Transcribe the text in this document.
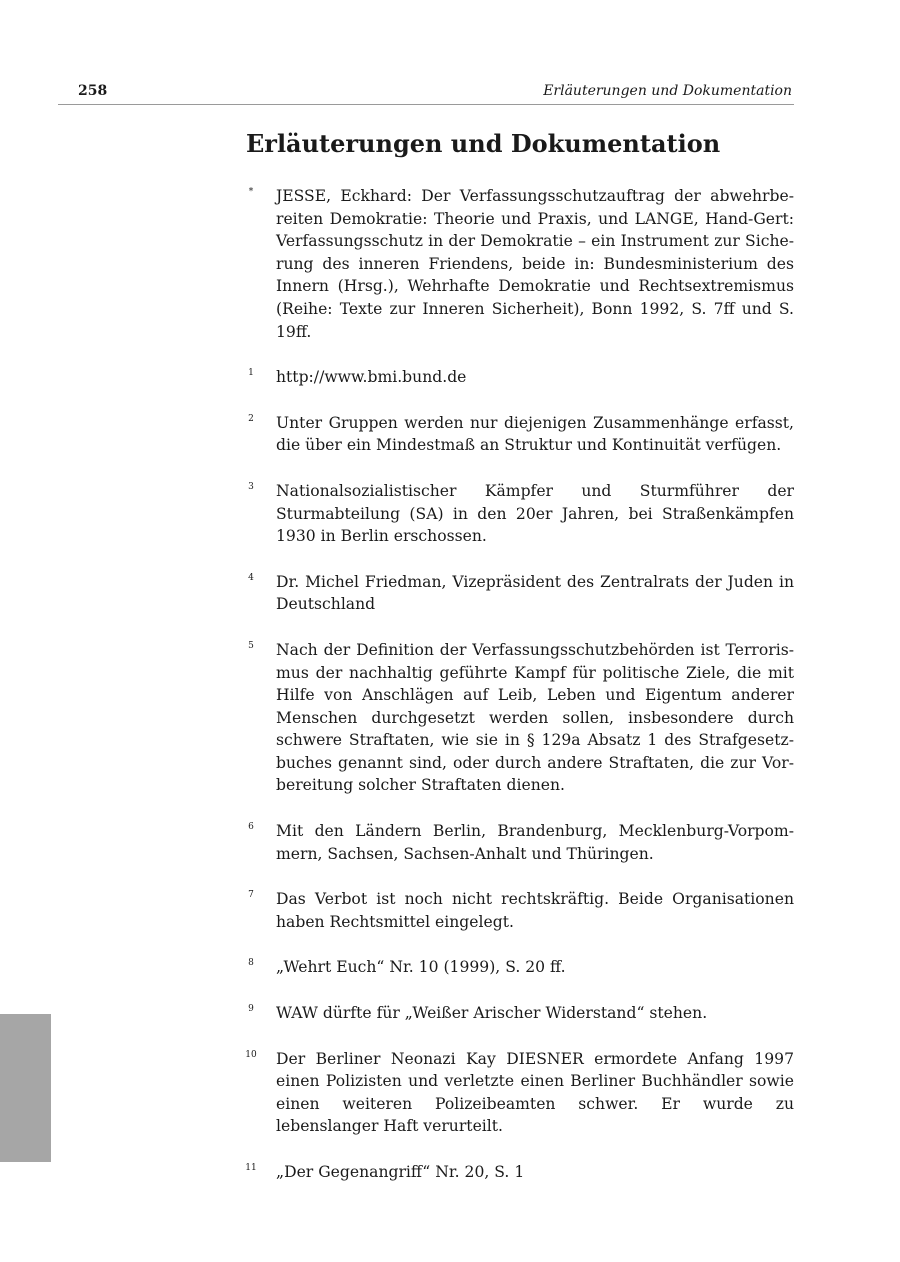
258	Erläuterungen und Dokumentation
Erläuterungen und Dokumentation
*	JESSE, Eckhard: Der Verfassungsschutzauftrag der abwehrbereiten Demokratie: Theorie und Praxis, und LANGE, Hand-Gert: Verfassungsschutz in der Demokratie – ein Instrument zur Sicherung des inneren Friendens, beide in: Bundesministerium des Innern (Hrsg.), Wehrhafte Demokratie und Rechtsextremismus (Reihe: Texte zur Inneren Sicherheit), Bonn 1992, S. 7ff und S. 19ff.
1 http://www.bmi.bund.de
2 Unter Gruppen werden nur diejenigen Zusammenhänge erfasst, die über ein Mindestmaß an Struktur und Kontinuität verfügen.
3 Nationalsozialistischer Kämpfer und Sturmführer der Sturmabteilung (SA) in den 20er Jahren, bei Straßenkämpfen 1930 in Berlin erschossen.
4 Dr. Michel Friedman, Vizepräsident des Zentralrats der Juden in Deutschland
5 Nach der Definition der Verfassungsschutzbehörden ist Terrorismus der nachhaltig geführte Kampf für politische Ziele, die mit Hilfe von Anschlägen auf Leib, Leben und Eigentum anderer Menschen durchgesetzt werden sollen, insbesondere durch schwere Straftaten, wie sie in § 129a Absatz 1 des Strafgesetzbuches genannt sind, oder durch andere Straftaten, die zur Vorbereitung solcher Straftaten dienen.
6 Mit den Ländern Berlin, Brandenburg, Mecklenburg-Vorpommern, Sachsen, Sachsen-Anhalt und Thüringen.
7 Das Verbot ist noch nicht rechtskräftig. Beide Organisationen haben Rechtsmittel eingelegt.
8 „Wehrt Euch“ Nr. 10 (1999), S. 20 ff.
9 WAW dürfte für „Weißer Arischer Widerstand“ stehen.
10 Der Berliner Neonazi Kay DIESNER ermordete Anfang 1997 einen Polizisten und verletzte einen Berliner Buchhändler sowie einen weiteren Polizeibeamten schwer. Er wurde zu lebenslanger Haft verurteilt.
11 „Der Gegenangriff“ Nr. 20, S. 1
